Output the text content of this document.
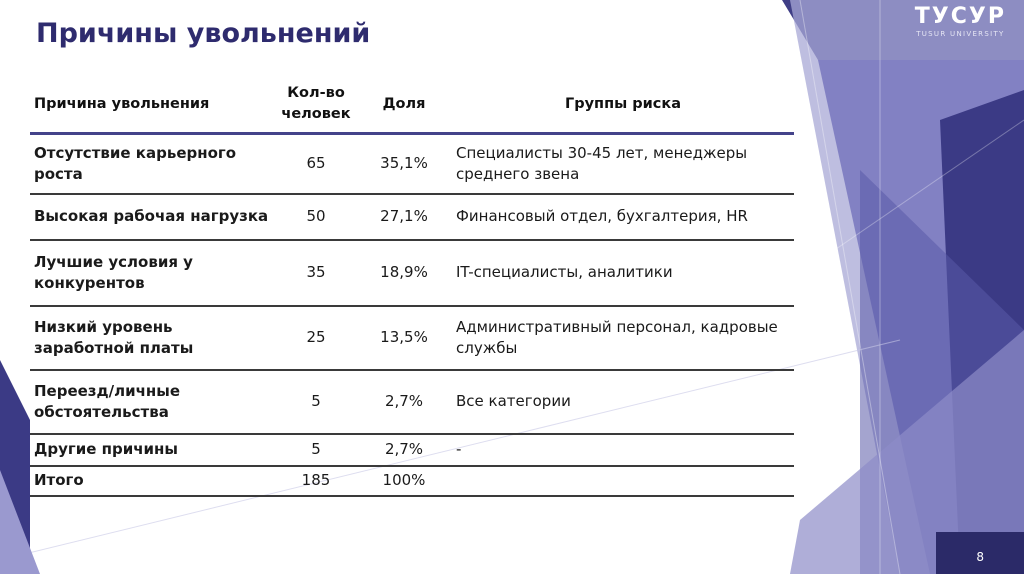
Причины увольнений
ТУСУР
TUSUR UNIVERSITY
Причина увольнения	Кол-во человек	Доля	Группы риска
Отсутствие карьерного роста	65	35,1%	Специалисты 30-45 лет, менеджеры среднего звена
Высокая рабочая нагрузка	50	27,1%	Финансовый отдел, бухгалтерия, HR
Лучшие условия у конкурентов	35	18,9%	IT-специалисты, аналитики
Низкий уровень заработной платы	25	13,5%	Административный персонал, кадровые службы
Переезд/личные обстоятельства	5	2,7%	Все категории
Другие причины	5	2,7%	-
Итого	185	100%	
8
